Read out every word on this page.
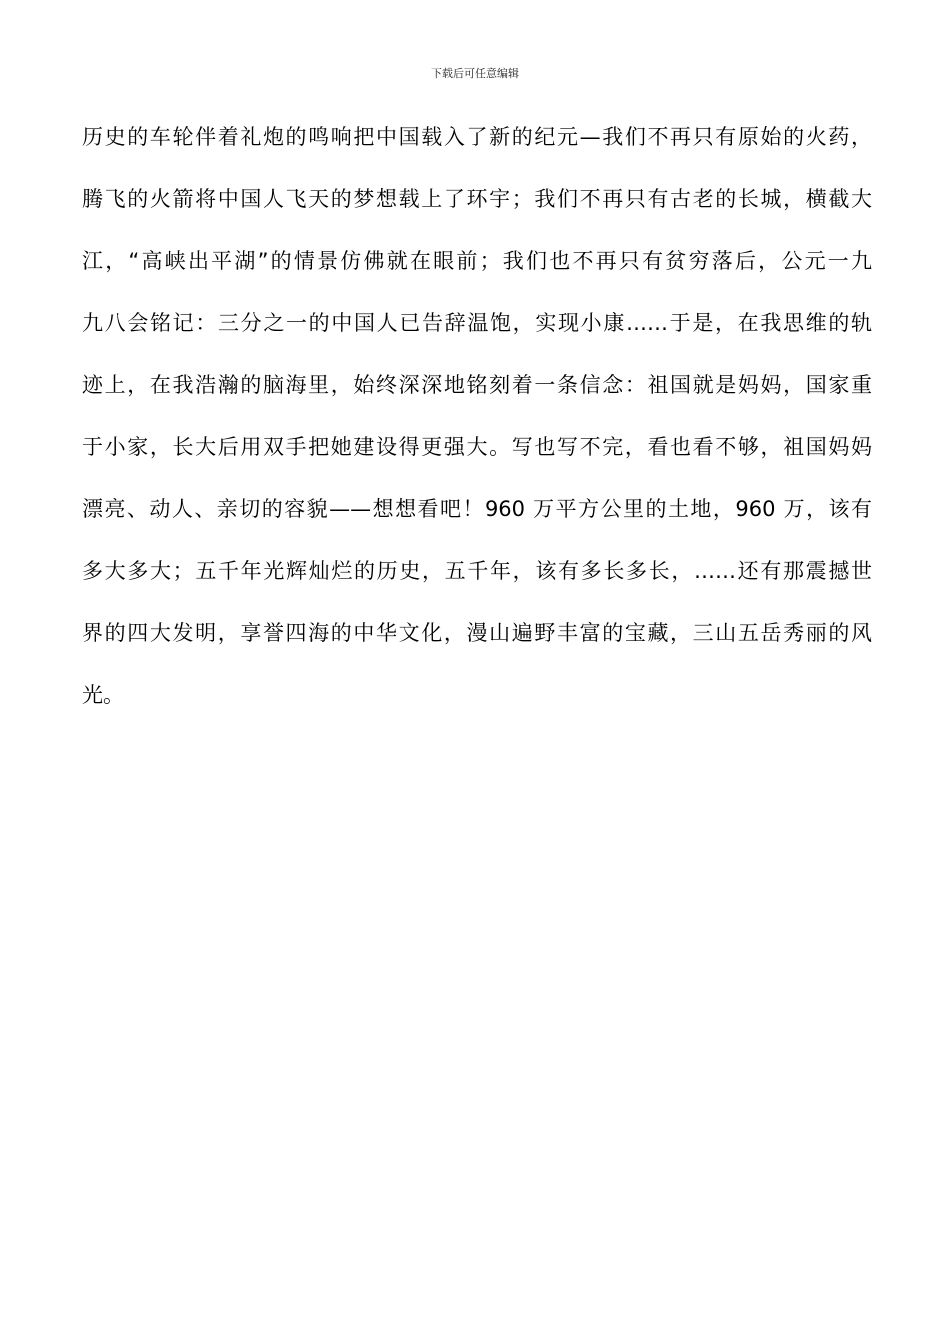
下载后可任意编辑
历史的车轮伴着礼炮的鸣响把中国载入了新的纪元—我们不再只有原始的火药，
腾飞的火箭将中国人飞天的梦想载上了环宇；我们不再只有古老的长城，横截大
江，“高峡出平湖”的情景仿佛就在眼前；我们也不再只有贫穷落后，公元一九
九八会铭记：三分之一的中国人已告辞温饱，实现小康……于是，在我思维的轨
迹上，在我浩瀚的脑海里，始终深深地铭刻着一条信念：祖国就是妈妈，国家重
于小家，长大后用双手把她建设得更强大。写也写不完，看也看不够，祖国妈妈
漂亮、动人、亲切的容貌——想想看吧！960 万平方公里的土地，960 万，该有
多大多大；五千年光辉灿烂的历史，五千年，该有多长多长，……还有那震撼世
界的四大发明，享誉四海的中华文化，漫山遍野丰富的宝藏，三山五岳秀丽的风
光。
